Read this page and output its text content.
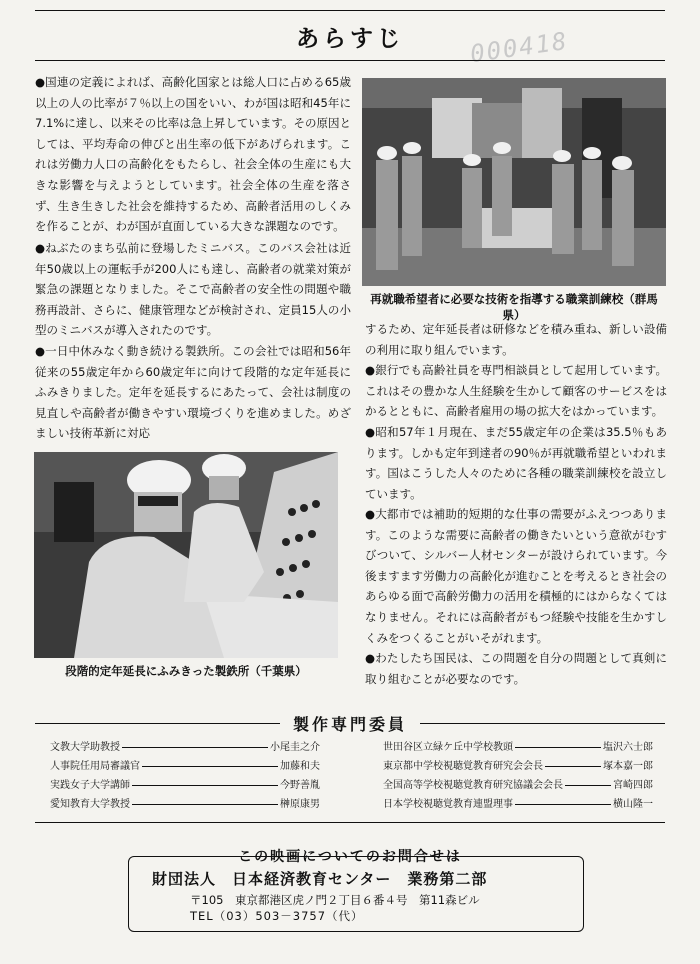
あらすじ	000418

●国連の定義によれば、高齢化国家とは総人口に占める65歳以上の人の比率が７％以上の国をいい、わが国は昭和45年に7.1%に達し、以来その比率は急上昇しています。その原因としては、平均寿命の伸びと出生率の低下があげられます。これは労働力人口の高齢化をもたらし、社会全体の生産にも大きな影響を与えようとしています。社会全体の生産を落さず、生き生きした社会を維持するため、高齢者活用のしくみを作ることが、わが国が直面している大きな課題なのです。

●ねぶたのまち弘前に登場したミニバス。このバス会社は近年50歳以上の運転手が200人にも達し、高齢者の就業対策が緊急の課題となりました。そこで高齢者の安全性の問題や職務再設計、さらに、健康管理などが検討され、定員15人の小型のミニバスが導入されたのです。

●一日中休みなく動き続ける製鉄所。この会社では昭和56年従来の55歳定年から60歳定年に向けて段階的な定年延長にふみきりました。定年を延長するにあたって、会社は制度の見直しや高齢者が働きやすい環境づくりを進めました。めざましい技術革新に対応

段階的定年延長にふみきった製鉄所（千葉県）
再就職希望者に必要な技術を指導する職業訓練校（群馬県）

するため、定年延長者は研修などを積み重ね、新しい設備の利用に取り組んでいます。

●銀行でも高齢社員を専門相談員として起用しています。これはその豊かな人生経験を生かして顧客のサービスをはかるとともに、高齢者雇用の場の拡大をはかっています。

●昭和57年１月現在、まだ55歳定年の企業は35.5％もあります。しかも定年到達者の90％が再就職希望といわれます。国はこうした人々のために各種の職業訓練校を設立しています。

●大都市では補助的短期的な仕事の需要がふえつつあります。このような需要に高齢者の働きたいという意欲がむすびついて、シルバー人材センターが設けられています。今後ますます労働力の高齢化が進むことを考えるとき社会のあらゆる面で高齢労働力の活用を積極的にはからなくてはなりません。それには高齢者がもつ経験や技能を生かすしくみをつくることがいそがれます。

●わたしたち国民は、この問題を自分の問題として真剣に取り組むことが必要なのです。

製作専門委員
文教大学助教授	小尾圭之介
人事院任用局審議官	加藤和夫
実践女子大学講師	今野善胤
愛知教育大学教授	榊原康男
世田谷区立緑ケ丘中学校教頭	塩沢六士郎
東京都中学校視聴覚教育研究会会長	塚本嘉一郎
全国高等学校視聴覚教育研究協議会会長	宮崎四郎
日本学校視聴覚教育連盟理事	横山隆一
この映画についてのお問合せは
財団法人　日本経済教育センター　業務第二部
〒105　東京都港区虎ノ門２丁目６番４号　第11森ビル
TEL（03）503－3757（代）
